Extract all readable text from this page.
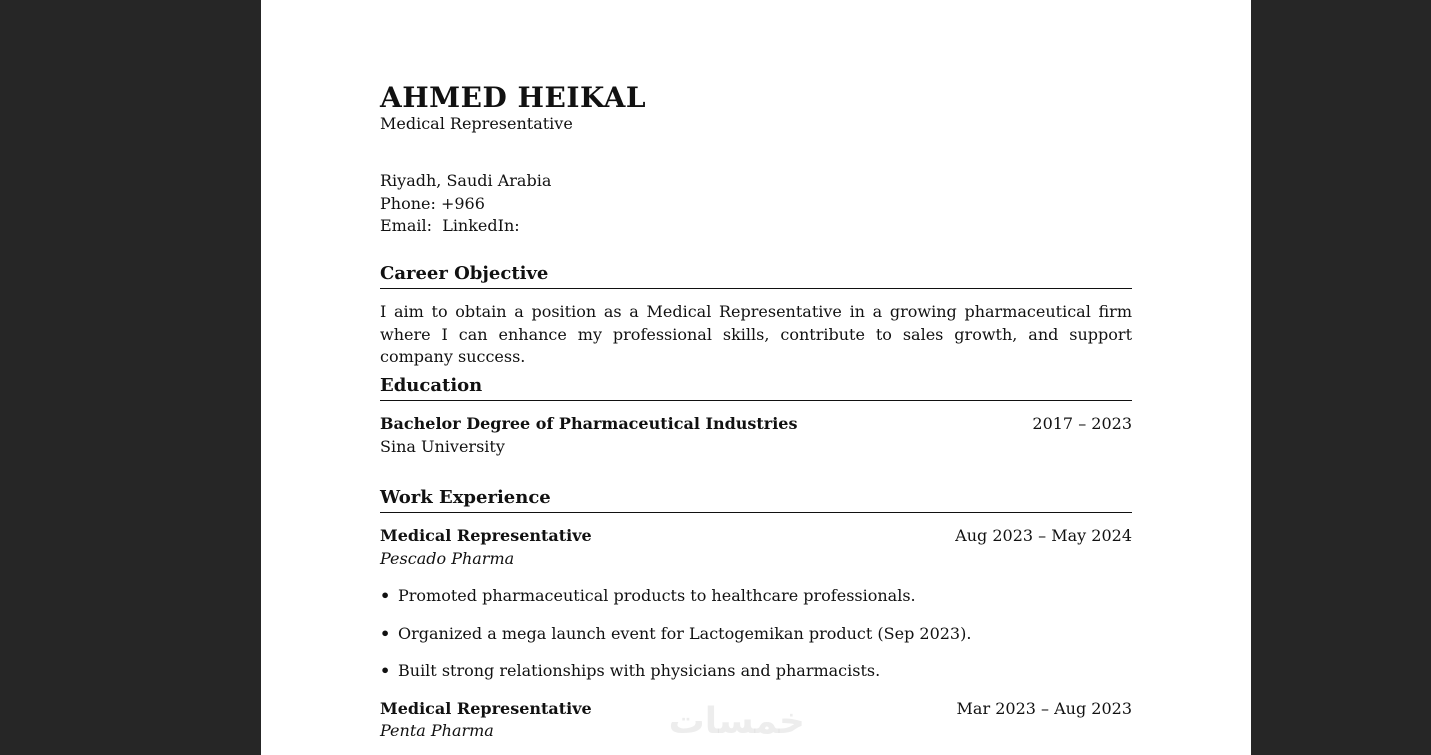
AHMED HEIKAL
Medical Representative
Riyadh, Saudi Arabia
Phone: +966
Email:  LinkedIn:
Career Objective
I aim to obtain a position as a Medical Representative in a growing pharmaceutical firm where I can enhance my professional skills, contribute to sales growth, and support company success.
Education
Bachelor Degree of Pharmaceutical Industries	2017 – 2023
Sina University
Work Experience
Medical Representative	Aug 2023 – May 2024
Pescado Pharma
• Promoted pharmaceutical products to healthcare professionals.
• Organized a mega launch event for Lactogemikan product (Sep 2023).
• Built strong relationships with physicians and pharmacists.
Medical Representative	Mar 2023 – Aug 2023
Penta Pharma	خمسات
